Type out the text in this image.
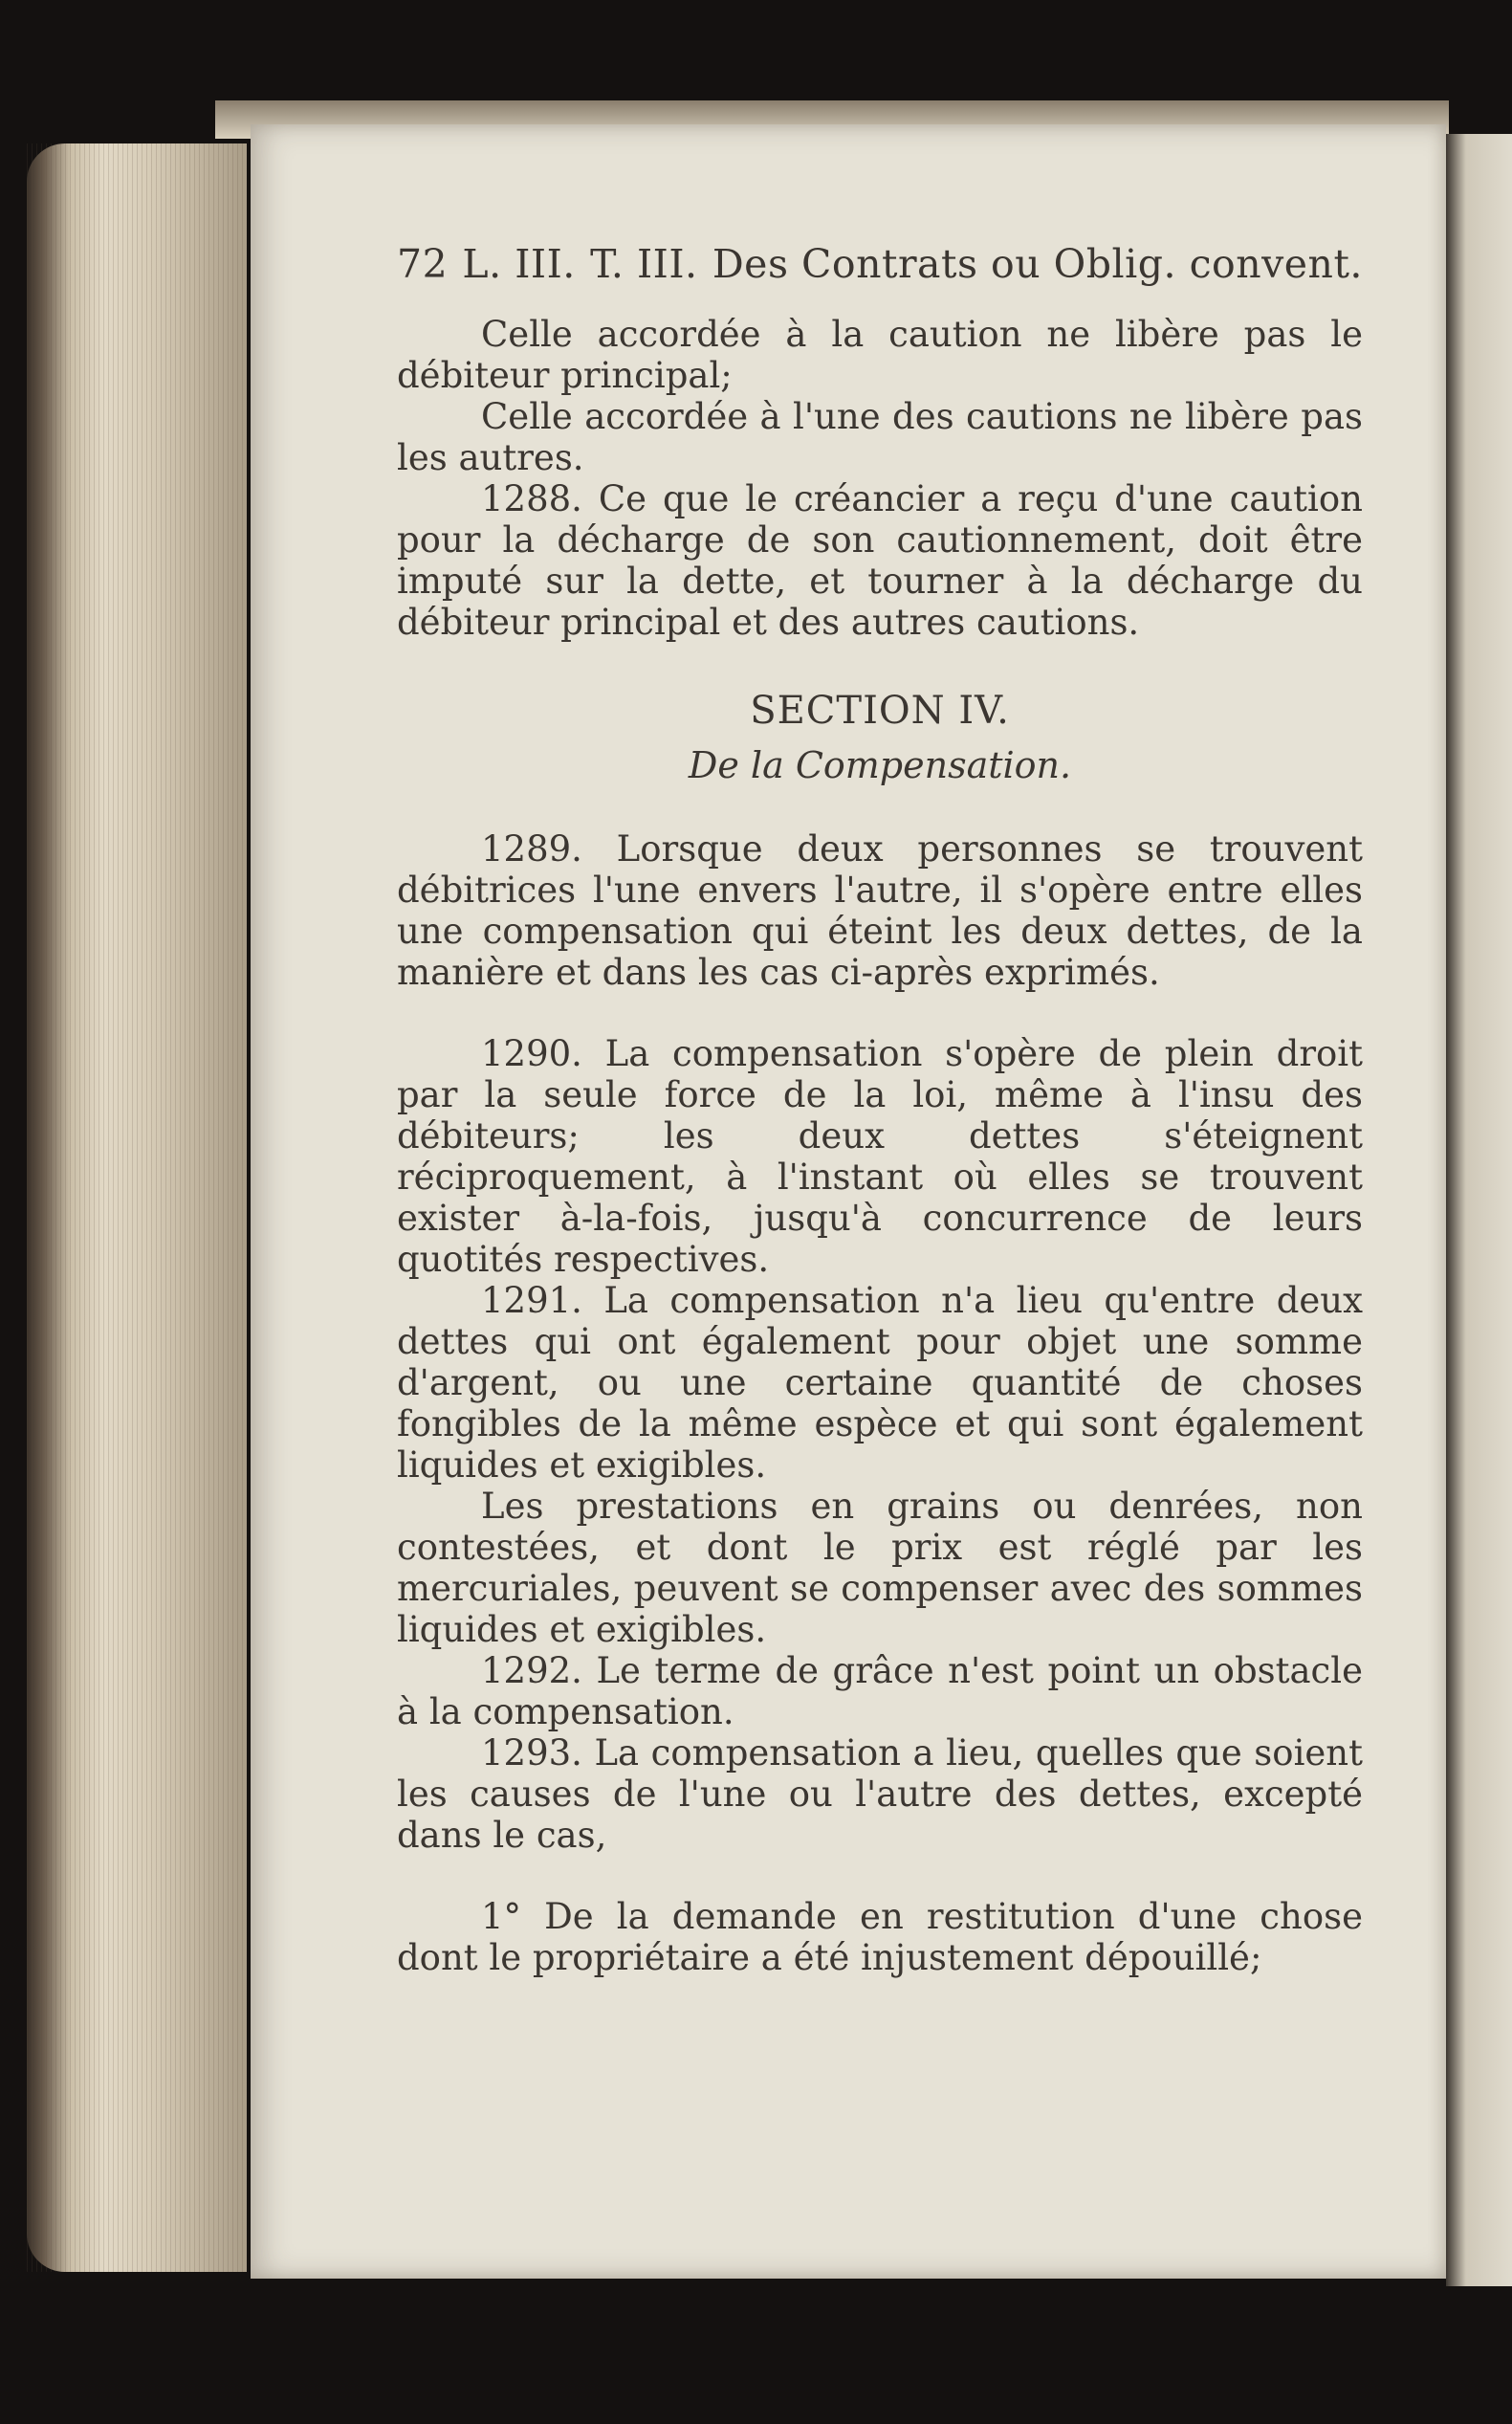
72 L. III. T. III. Des Contrats ou Oblig. convent.

Celle accordée à la caution ne libère pas le débiteur principal;

Celle accordée à l'une des cautions ne libère pas les autres.

1288. Ce que le créancier a reçu d'une caution pour la décharge de son cautionnement, doit être imputé sur la dette, et tourner à la décharge du débiteur principal et des autres cautions.

SECTION IV.
De la Compensation.

1289. Lorsque deux personnes se trouvent débitrices l'une envers l'autre, il s'opère entre elles une compensation qui éteint les deux dettes, de la manière et dans les cas ci-après exprimés.

1290. La compensation s'opère de plein droit par la seule force de la loi, même à l'insu des débiteurs; les deux dettes s'éteignent réciproquement, à l'instant où elles se trouvent exister à-la-fois, jusqu'à concurrence de leurs quotités respectives.

1291. La compensation n'a lieu qu'entre deux dettes qui ont également pour objet une somme d'argent, ou une certaine quantité de choses fongibles de la même espèce et qui sont également liquides et exigibles.

Les prestations en grains ou denrées, non contestées, et dont le prix est réglé par les mercuriales, peuvent se compenser avec des sommes liquides et exigibles.

1292. Le terme de grâce n'est point un obstacle à la compensation.

1293. La compensation a lieu, quelles que soient les causes de l'une ou l'autre des dettes, excepté dans le cas,

1° De la demande en restitution d'une chose dont le propriétaire a été injustement dépouillé;
